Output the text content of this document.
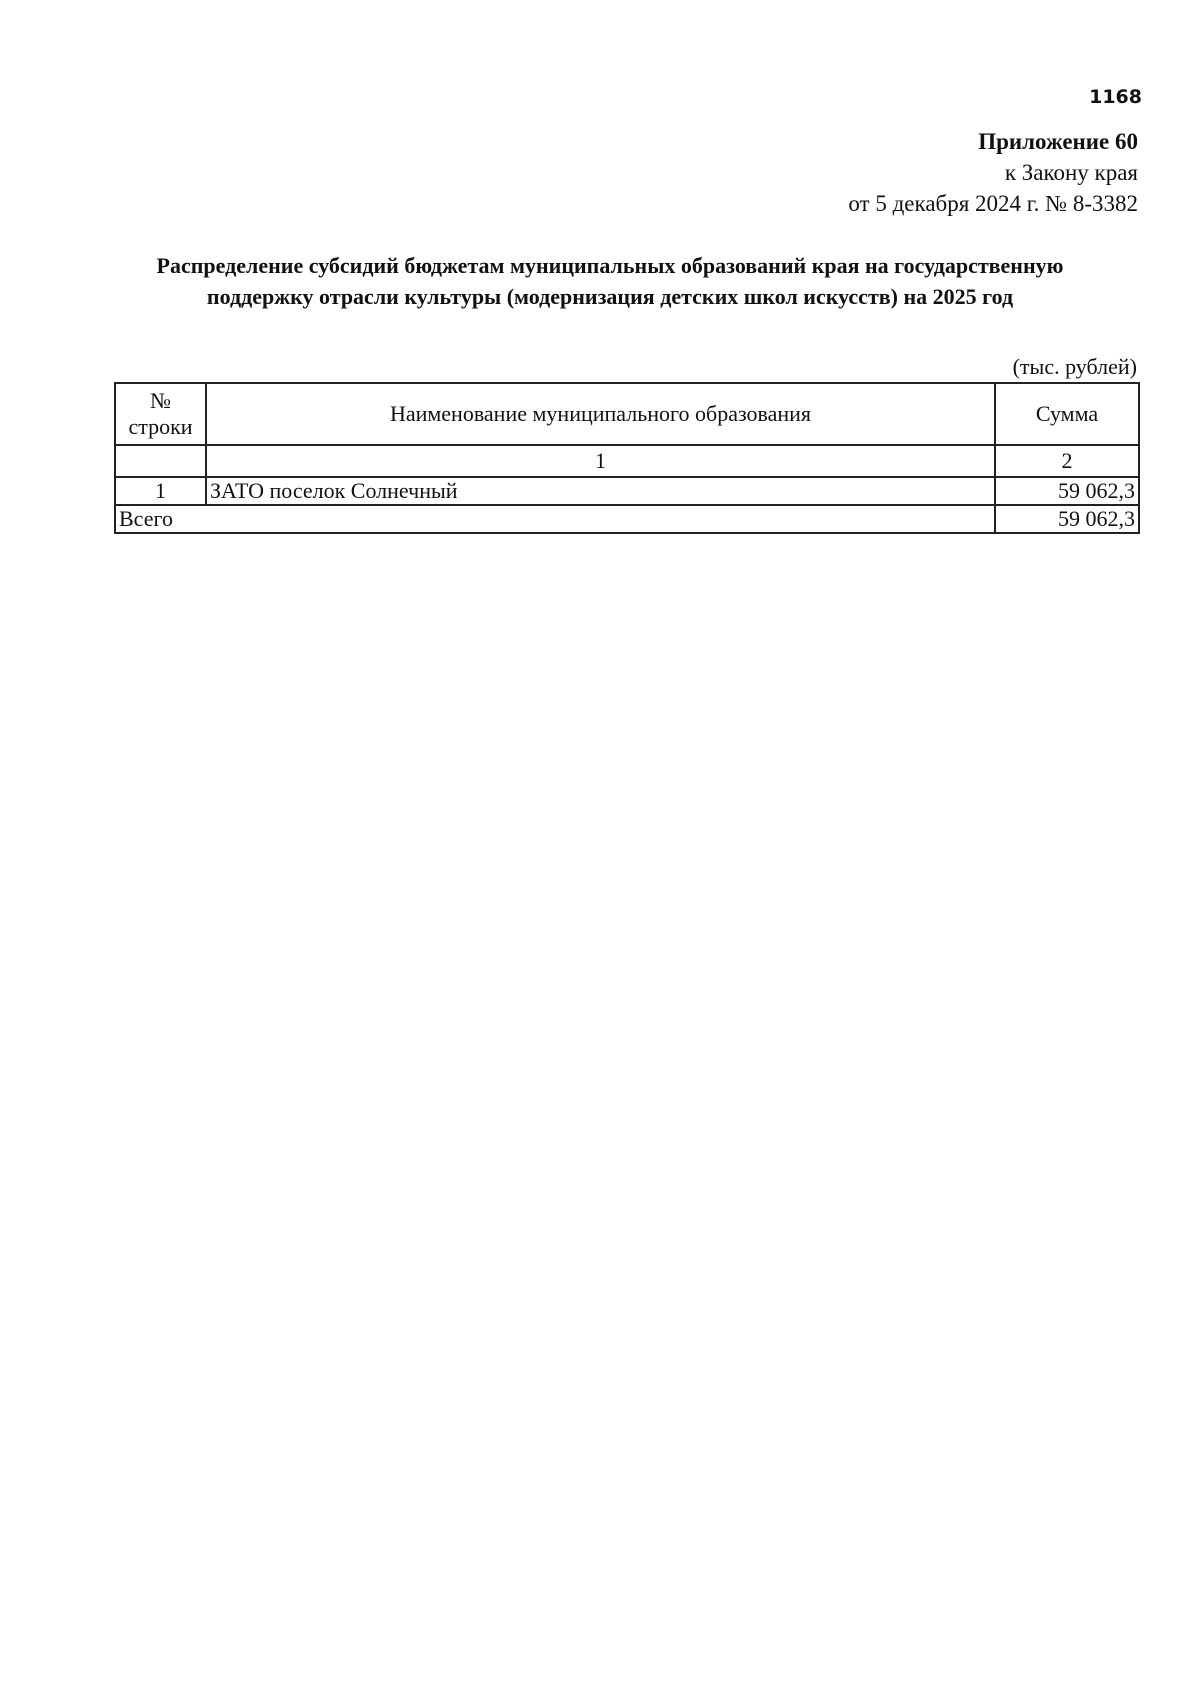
1168
Приложение 60
к Закону края
от 5 декабря 2024 г. № 8-3382
Распределение субсидий бюджетам муниципальных образований края на государственную
поддержку отрасли культуры (модернизация детских школ искусств) на 2025 год
(тыс. рублей)
№
строки	Наименование муниципального образования	Сумма
	1	2
1	ЗАТО поселок Солнечный	59 062,3
Всего		59 062,3
